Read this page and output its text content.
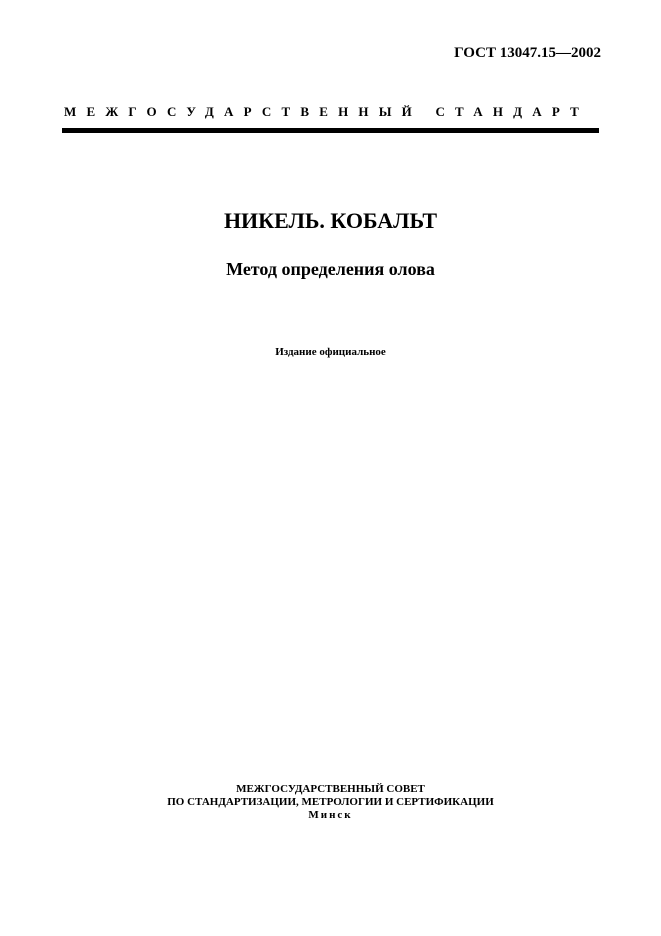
ГОСТ 13047.15—2002
МЕЖГОСУДАРСТВЕННЫЙ СТАНДАРТ
НИКЕЛЬ. КОБАЛЬТ
Метод определения олова
Издание официальное
МЕЖГОСУДАРСТВЕННЫЙ СОВЕТ
ПО СТАНДАРТИЗАЦИИ, МЕТРОЛОГИИ И СЕРТИФИКАЦИИ
Минск
